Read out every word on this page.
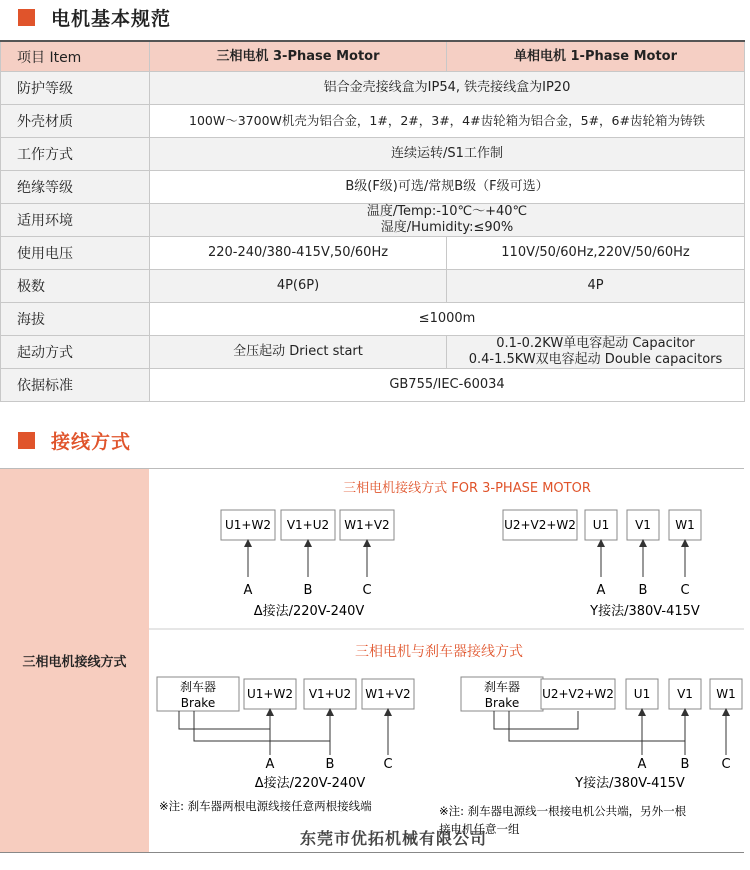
电机基本规范
项目 Item	三相电机 3-Phase Motor	单相电机 1-Phase Motor
防护等级	铝合金壳接线盒为IP54, 铁壳接线盒为IP20	
外壳材质	100W～3700W机壳为铝合金，1#，2#，3#，4#齿轮箱为铝合金，5#，6#齿轮箱为铸铁	
工作方式	连续运转/S1工作制	
绝缘等级	B级(F级)可选/常规B级（F级可选）	
适用环境	温度/Temp:-10℃～+40℃
湿度/Humidity:≤90%	

使用电压	220-240/380-415V,50/60Hz	110V/50/60Hz,220V/50/60Hz
极数	4P(6P)	4P
海拔	≤1000m	
起动方式	全压起动 Driect start	0.1-0.2KW单电容起动 Capacitor
0.4-1.5KW双电容起动 Double capacitors

依据标准	GB755/IEC-60034	
接线方式
三相电机接线方式
三相电机接线方式 FOR 3-PHASE MOTOR
U1+W2 V1+U2 W1+V2
A	B	C
Δ接法/220V-240V
U2+V2+W2 U1 V1 W1
A	B	C
Y接法/380V-415V
三相电机与刹车器接线方式
刹车器
Brake
U1+W2 V1+U2 W1+V2
A	B	C
Δ接法/220V-240V
刹车器
Brake
U2+V2+W2 U1 V1 W1
A	B C
Y接法/380V-415V
※注: 刹车器两根电源线接任意两根接线端	※注: 刹车器电源线一根接电机公共端，另外一根
接电机任意一组
东莞市优拓机械有限公司
